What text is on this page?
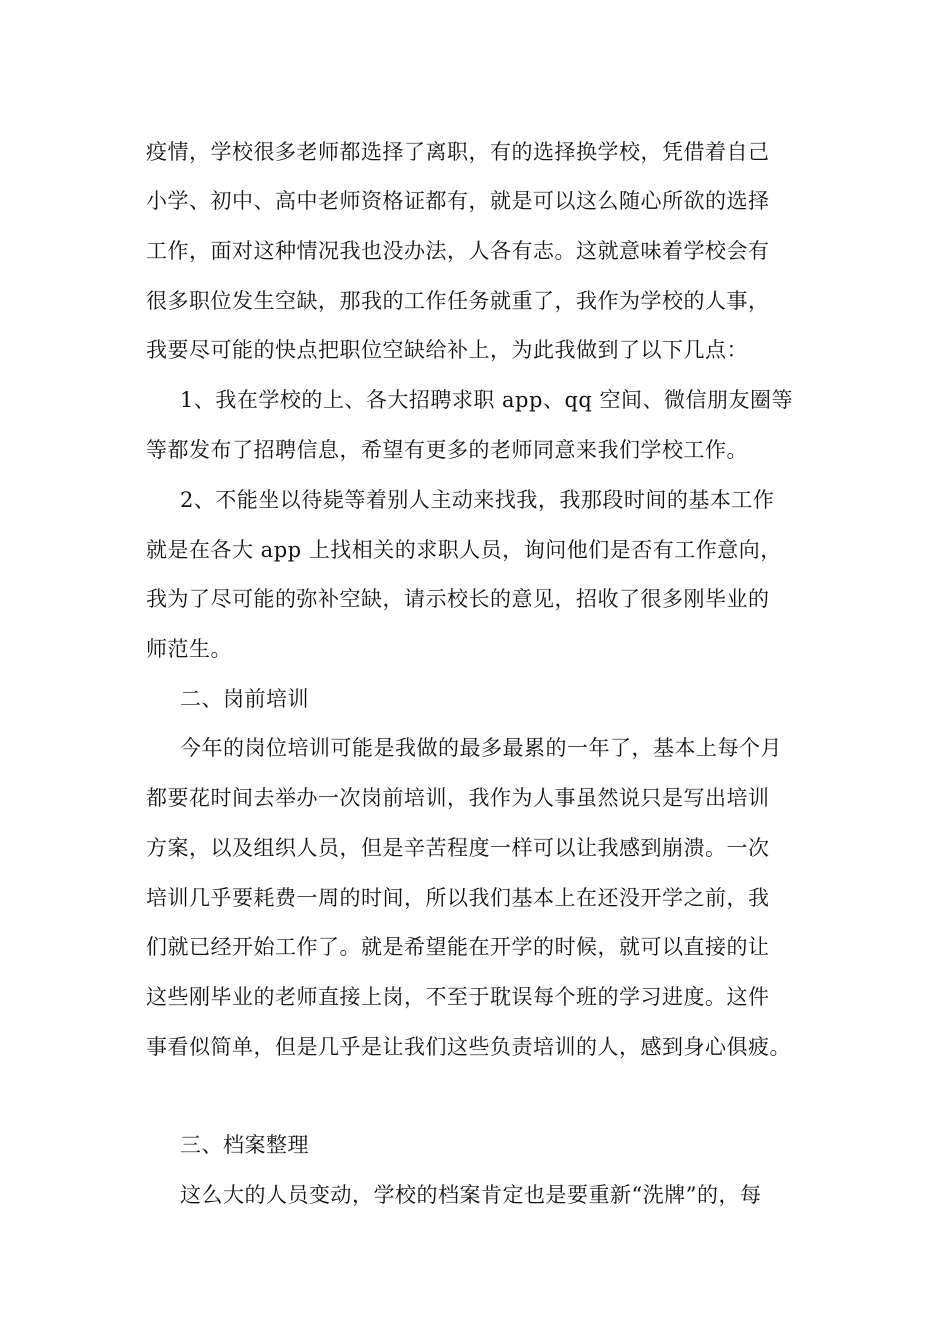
疫情，学校很多老师都选择了离职，有的选择换学校，凭借着自己
小学、初中、高中老师资格证都有，就是可以这么随心所欲的选择
工作，面对这种情况我也没办法，人各有志。这就意味着学校会有
很多职位发生空缺，那我的工作任务就重了，我作为学校的人事，
我要尽可能的快点把职位空缺给补上，为此我做到了以下几点：
1、我在学校的上、各大招聘求职 app、qq 空间、微信朋友圈等
等都发布了招聘信息，希望有更多的老师同意来我们学校工作。
2、不能坐以待毙等着别人主动来找我，我那段时间的基本工作
就是在各大 app 上找相关的求职人员，询问他们是否有工作意向，
我为了尽可能的弥补空缺，请示校长的意见，招收了很多刚毕业的
师范生。
二、岗前培训
今年的岗位培训可能是我做的最多最累的一年了，基本上每个月
都要花时间去举办一次岗前培训，我作为人事虽然说只是写出培训
方案，以及组织人员，但是辛苦程度一样可以让我感到崩溃。一次
培训几乎要耗费一周的时间，所以我们基本上在还没开学之前，我
们就已经开始工作了。就是希望能在开学的时候，就可以直接的让
这些刚毕业的老师直接上岗，不至于耽误每个班的学习进度。这件
事看似简单，但是几乎是让我们这些负责培训的人，感到身心俱疲。
三、档案整理
这么大的人员变动，学校的档案肯定也是要重新“洗牌”的，每
